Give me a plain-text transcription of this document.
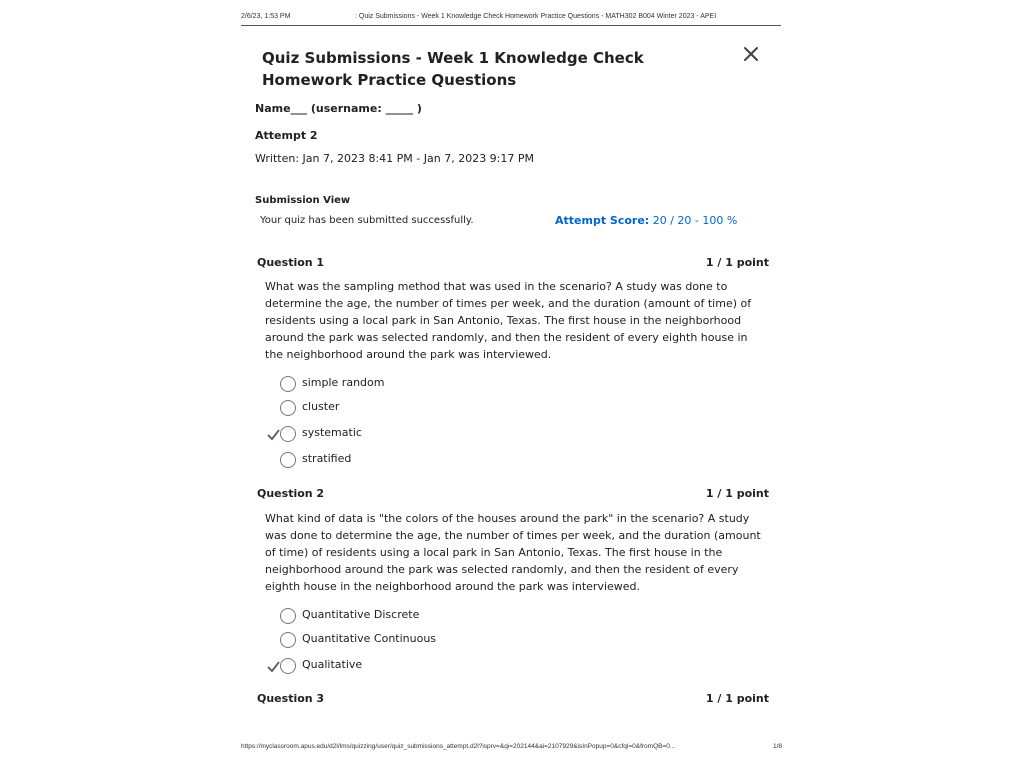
2/6/23, 1:53 PM	: Quiz Submissions - Week 1 Knowledge Check Homework Practice Questions - MATH302 B004 Winter 2023 - APEI
Quiz Submissions - Week 1 Knowledge Check Homework Practice Questions
Name___ (username: _____ )
Attempt 2
Written: Jan 7, 2023 8:41 PM - Jan 7, 2023 9:17 PM
Submission View
Your quiz has been submitted successfully.	Attempt Score: 20 / 20 - 100 %
Question 1	1 / 1 point
What was the sampling method that was used in the scenario? A study was done to determine the age, the number of times per week, and the duration (amount of time) of residents using a local park in San Antonio, Texas. The first house in the neighborhood around the park was selected randomly, and then the resident of every eighth house in the neighborhood around the park was interviewed.
simple random
cluster
systematic
stratified
Question 2	1 / 1 point
What kind of data is "the colors of the houses around the park" in the scenario? A study was done to determine the age, the number of times per week, and the duration (amount of time) of residents using a local park in San Antonio, Texas. The first house in the neighborhood around the park was selected randomly, and then the resident of every eighth house in the neighborhood around the park was interviewed.
Quantitative Discrete
Quantitative Continuous
Qualitative
Question 3	1 / 1 point
https://myclassroom.apus.edu/d2l/lms/quizzing/user/quiz_submissions_attempt.d2l?isprv=&qi=202144&ai=2107929&isInPopup=0&cfql=0&fromQB=0...	1/8
